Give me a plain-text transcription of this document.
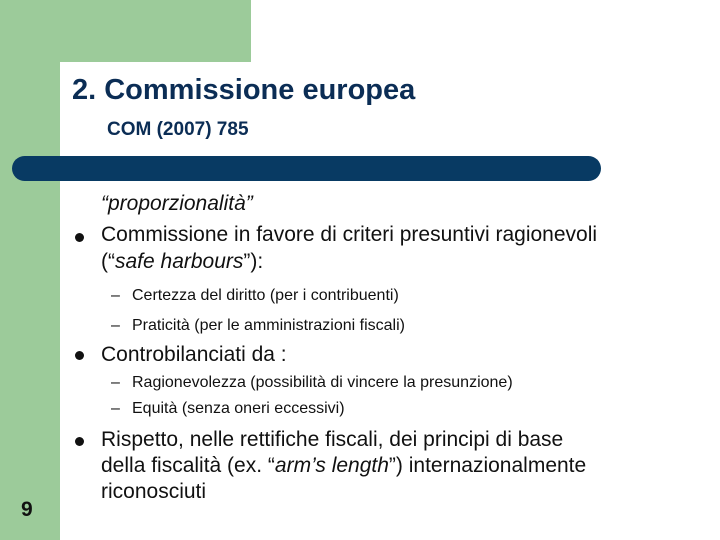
2. Commissione europea
COM (2007) 785
“proporzionalità”
Commissione in favore di criteri presuntivi ragionevoli
(“safe harbours”):
– Certezza del diritto (per i contribuenti)
– Praticità (per le amministrazioni fiscali)
Controbilanciati da :
– Ragionevolezza (possibilità di vincere la presunzione)
– Equità (senza oneri eccessivi)
Rispetto, nelle rettifiche fiscali, dei principi di base
della fiscalità (ex. “arm’s length”) internazionalmente
riconosciuti
9
